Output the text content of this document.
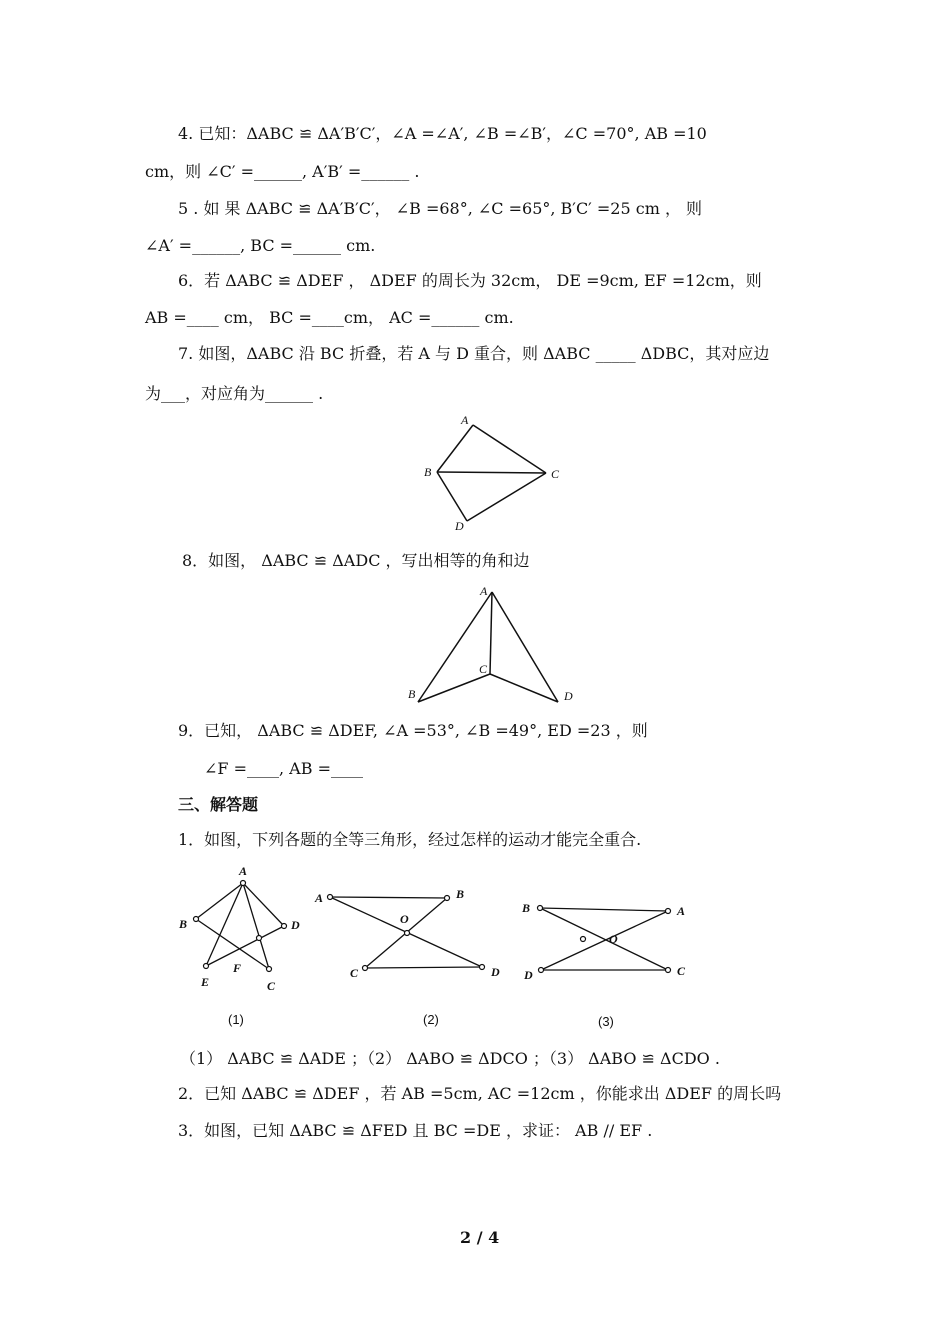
4. 已知：ΔABC ≌ ΔA′B′C′，∠A =∠A′, ∠B =∠B′，∠C =70°, AB =10
cm，则 ∠C′ =______, A′B′ =______ .
5 . 如 果 ΔABC ≌ ΔA′B′C′， ∠B =68°, ∠C =65°, B′C′ =25 cm ， 则
∠A′ =______, BC =______ cm.
6．若 ΔABC ≌ ΔDEF ， ΔDEF 的周长为 32cm， DE =9cm, EF =12cm，则
AB =____ cm， BC =____cm， AC =______ cm.
7. 如图，ΔABC 沿 BC 折叠，若 A 与 D 重合，则 ΔABC _____ ΔDBC，其对应边
为___，对应角为______ .
A
B	C
D
8．如图， ΔABC ≌ ΔADC ，写出相等的角和边
A
B
C
D
9．已知， ΔABC ≌ ΔDEF, ∠A =53°, ∠B =49°, ED =23 ，则
∠F =____, AB =____
三、解答题
1．如图，下列各题的全等三角形，经过怎样的运动才能完全重合.
A
B	D
E
F
C
(1)
A	B
O
C	D
(2)
B	A
O
D	C
(3)
（1） ΔABC ≌ ΔADE ；（2） ΔABO ≌ ΔDCO ；（3） ΔABO ≌ ΔCDO .
2．已知 ΔABC ≌ ΔDEF ，若 AB =5cm, AC =12cm ，你能求出 ΔDEF 的周长吗
3．如图，已知 ΔABC ≌ ΔFED 且 BC =DE ，求证： AB // EF .
2 / 4
